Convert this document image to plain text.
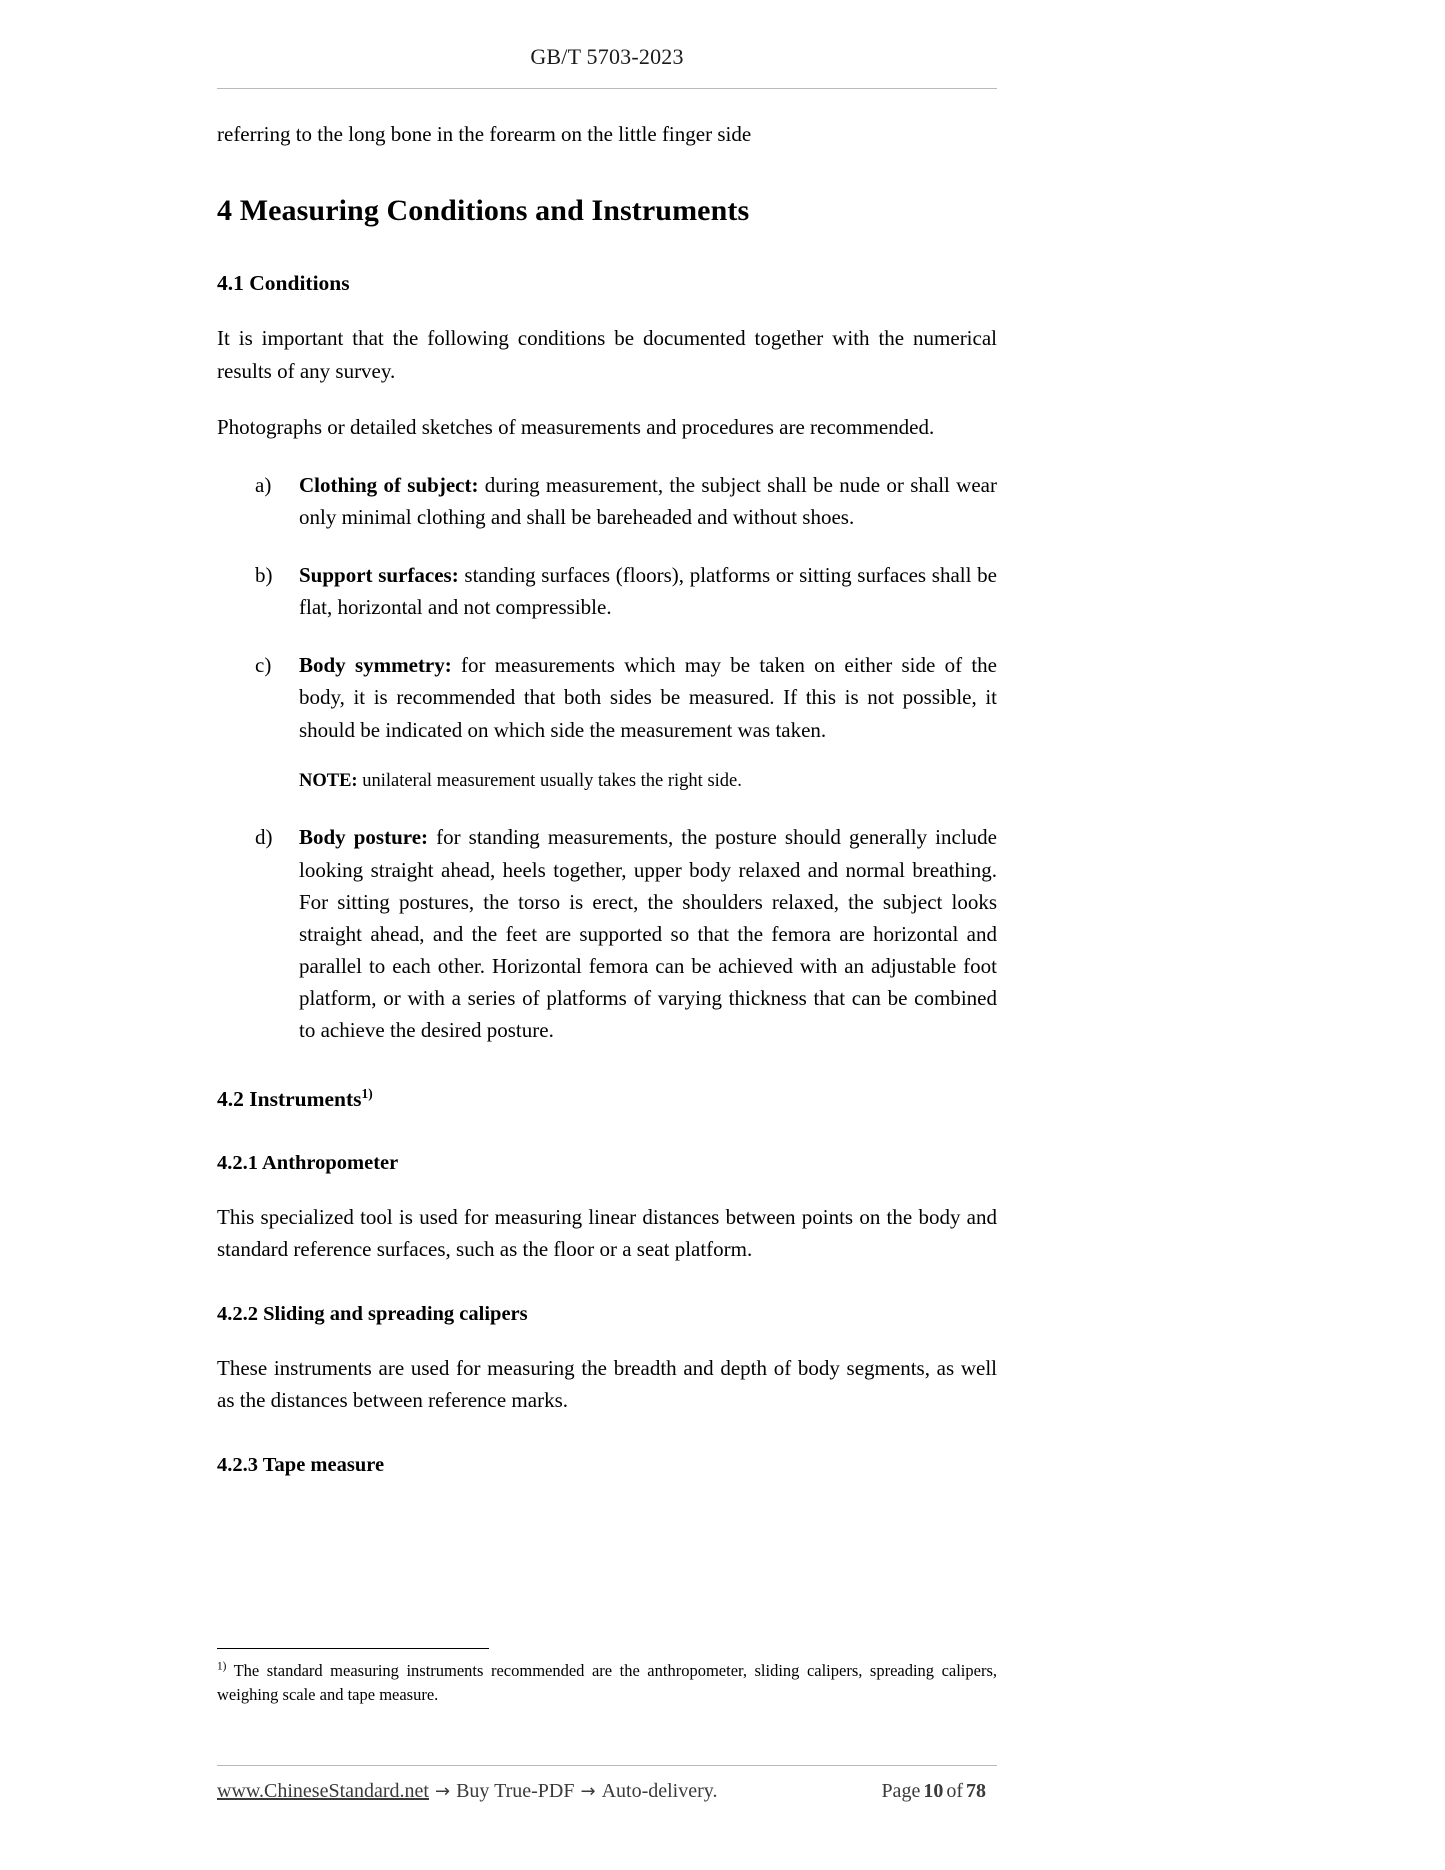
GB/T 5703-2023
referring to the long bone in the forearm on the little finger side
4 Measuring Conditions and Instruments
4.1 Conditions

It is important that the following conditions be documented together with the numerical results of any survey.

Photographs or detailed sketches of measurements and procedures are recommended.

a) Clothing of subject: during measurement, the subject shall be nude or shall wear only minimal clothing and shall be bareheaded and without shoes.
b) Support surfaces: standing surfaces (floors), platforms or sitting surfaces shall be flat, horizontal and not compressible.
c) Body symmetry: for measurements which may be taken on either side of the body, it is recommended that both sides be measured. If this is not possible, it should be indicated on which side the measurement was taken.

NOTE: unilateral measurement usually takes the right side.

d) Body posture: for standing measurements, the posture should generally include looking straight ahead, heels together, upper body relaxed and normal breathing. For sitting postures, the torso is erect, the shoulders relaxed, the subject looks straight ahead, and the feet are supported so that the femora are horizontal and parallel to each other. Horizontal femora can be achieved with an adjustable foot platform, or with a series of platforms of varying thickness that can be combined to achieve the desired posture.
4.2 Instruments$^{1)}$
4.2.1 Anthropometer

This specialized tool is used for measuring linear distances between points on the body and standard reference surfaces, such as the floor or a seat platform.

4.2.2 Sliding and spreading calipers

These instruments are used for measuring the breadth and depth of body segments, as well as the distances between reference marks.

4.2.3 Tape measure

$^{1)}$ The standard measuring instruments recommended are the anthropometer, sliding calipers, spreading calipers, weighing scale and tape measure.

www.ChineseStandard.net → Buy True-PDF → Auto-delivery.	Page 10 of 78
